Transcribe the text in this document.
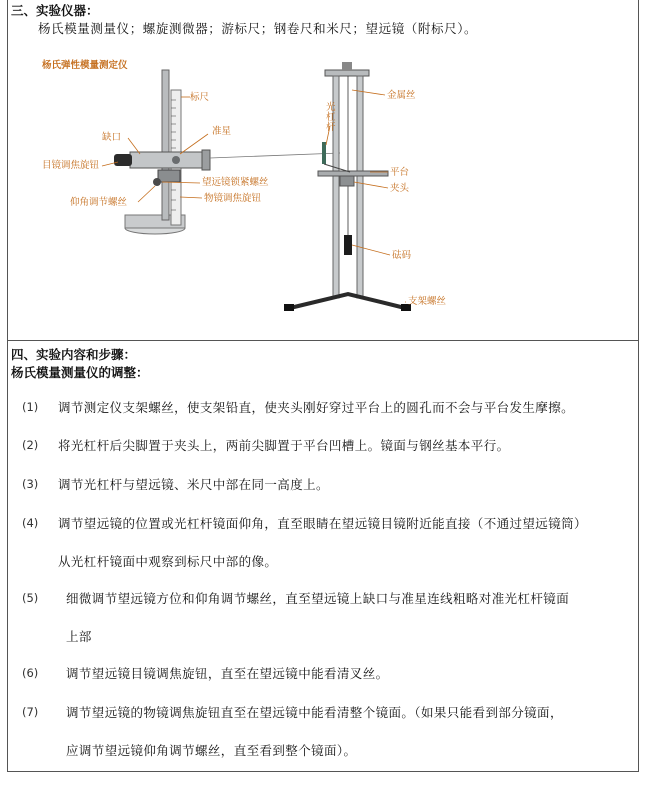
三、实验仪器：
杨氏模量测量仪；螺旋测微器；游标尺；钢卷尺和米尺；望远镜（附标尺）。
杨氏弹性模量测定仪
标尺
缺口
准星
目镜调焦旋钮
望远镜锁紧螺丝
仰角调节螺丝	物镜调焦旋钮
金属丝
光
杠
杆
平台
夹头
砝码
支架螺丝
四、实验内容和步骤：
杨氏模量测量仪的调整：
(1) 调节测定仪支架螺丝，使支架铅直，使夹头刚好穿过平台上的圆孔而不会与平台发生摩擦。
(2) 将光杠杆后尖脚置于夹头上，两前尖脚置于平台凹槽上。镜面与钢丝基本平行。
(3) 调节光杠杆与望远镜、米尺中部在同一高度上。
(4) 调节望远镜的位置或光杠杆镜面仰角，直至眼睛在望远镜目镜附近能直接（不通过望远镜筒）
从光杠杆镜面中观察到标尺中部的像。
(5) 细微调节望远镜方位和仰角调节螺丝，直至望远镜上缺口与准星连线粗略对准光杠杆镜面
上部
(6) 调节望远镜目镜调焦旋钮，直至在望远镜中能看清叉丝。
(7) 调节望远镜的物镜调焦旋钮直至在望远镜中能看清整个镜面。（如果只能看到部分镜面，
应调节望远镜仰角调节螺丝，直至看到整个镜面）。
